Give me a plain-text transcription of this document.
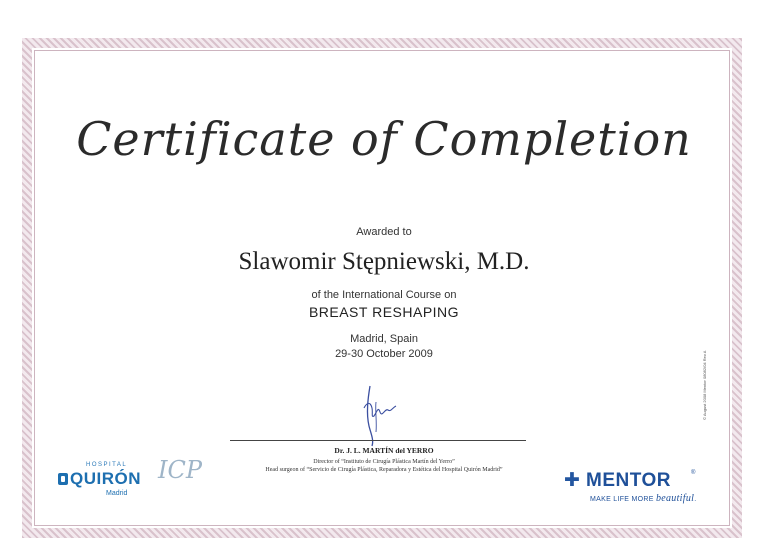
Certificate of Completion
Awarded to
Slawomir Stępniewski, M.D.
of the International Course on
BREAST RESHAPING
Madrid, Spain
29-30 October 2009
Dr. J. L. MARTÍN del YERRO
Director of “Instituto de Cirugía Plástica Martín del Yerro”
Head surgeon of “Servicio de Cirugía Plástica, Reparadora y Estética del Hospital Quirón Madrid”
HOSPITAL
QUIRÓN
Madrid
ICP	✚ MENTOR	®
MAKE LIFE MORE beautiful.
© August 2008 Mentor 08082/04 Rev A
